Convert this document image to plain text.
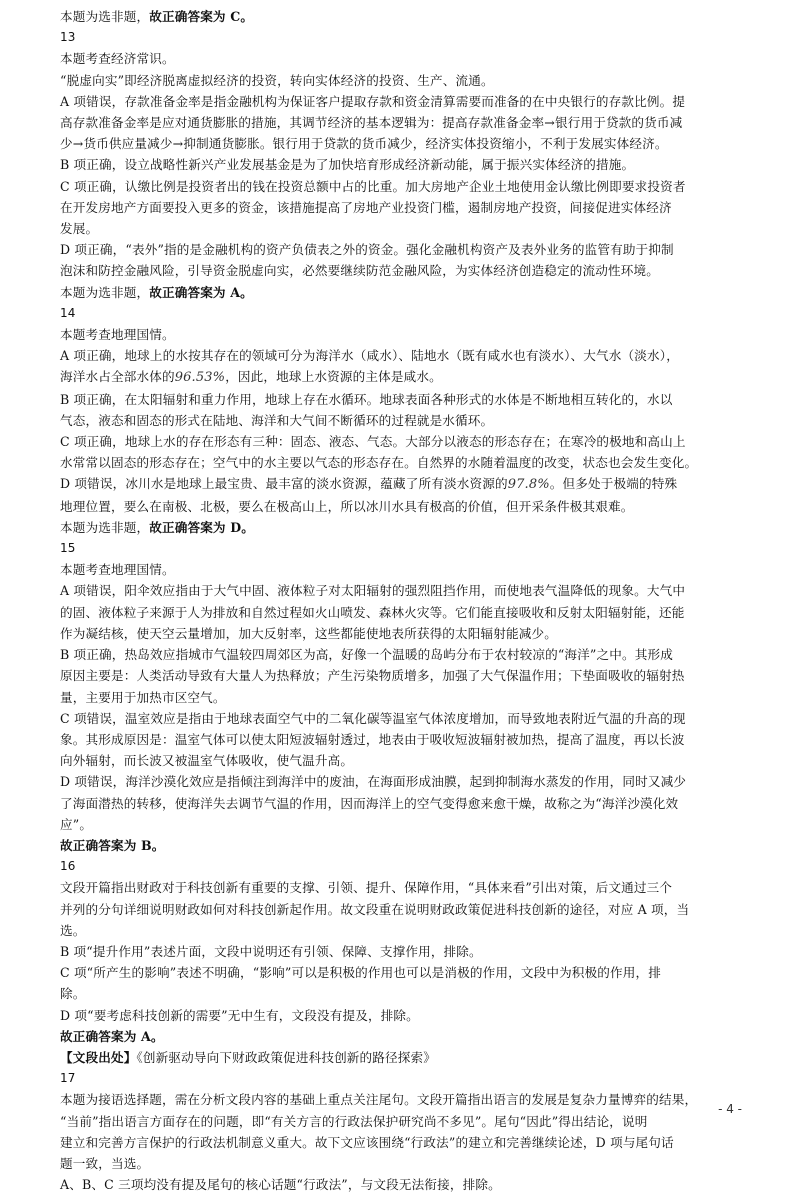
本题为选非题，故正确答案为 C。

13

本题考查经济常识。

“脱虚向实”即经济脱离虚拟经济的投资，转向实体经济的投资、生产、流通。

A 项错误，存款准备金率是指金融机构为保证客户提取存款和资金清算需要而准备的在中央银行的存款比例。提

高存款准备金率是应对通货膨胀的措施，其调节经济的基本逻辑为：提高存款准备金率→银行用于贷款的货币减

少→货币供应量减少→抑制通货膨胀。银行用于贷款的货币减少，经济实体投资缩小，不利于发展实体经济。

B 项正确，设立战略性新兴产业发展基金是为了加快培育形成经济新动能，属于振兴实体经济的措施。

C 项正确，认缴比例是投资者出的钱在投资总额中占的比重。加大房地产企业土地使用金认缴比例即要求投资者

在开发房地产方面要投入更多的资金，该措施提高了房地产业投资门槛，遏制房地产投资，间接促进实体经济

发展。

D 项正确，“表外”指的是金融机构的资产负债表之外的资金。强化金融机构资产及表外业务的监管有助于抑制

泡沫和防控金融风险，引导资金脱虚向实，必然要继续防范金融风险，为实体经济创造稳定的流动性环境。

本题为选非题，故正确答案为 A。

14

本题考查地理国情。

A 项正确，地球上的水按其存在的领域可分为海洋水（咸水）、陆地水（既有咸水也有淡水）、大气水（淡水），

海洋水占全部水体的96.53%，因此，地球上水资源的主体是咸水。

B 项正确，在太阳辐射和重力作用，地球上存在水循环。地球表面各种形式的水体是不断地相互转化的，水以

气态，液态和固态的形式在陆地、海洋和大气间不断循环的过程就是水循环。

C 项正确，地球上水的存在形态有三种：固态、液态、气态。大部分以液态的形态存在；在寒冷的极地和高山上

水常常以固态的形态存在；空气中的水主要以气态的形态存在。自然界的水随着温度的改变，状态也会发生变化。

D 项错误，冰川水是地球上最宝贵、最丰富的淡水资源，蕴藏了所有淡水资源的97.8%。但多处于极端的特殊

地理位置，要么在南极、北极，要么在极高山上，所以冰川水具有极高的价值，但开采条件极其艰难。

本题为选非题，故正确答案为 D。

15

本题考查地理国情。

A 项错误，阳伞效应指由于大气中固、液体粒子对太阳辐射的强烈阻挡作用，而使地表气温降低的现象。大气中

的固、液体粒子来源于人为排放和自然过程如火山喷发、森林火灾等。它们能直接吸收和反射太阳辐射能，还能

作为凝结核，使天空云量增加，加大反射率，这些都能使地表所获得的太阳辐射能减少。

B 项正确，热岛效应指城市气温较四周郊区为高，好像一个温暖的岛屿分布于农村较凉的“海洋”之中。其形成

原因主要是：人类活动导致有大量人为热释放；产生污染物质增多，加强了大气保温作用；下垫面吸收的辐射热

量，主要用于加热市区空气。

C 项错误，温室效应是指由于地球表面空气中的二氧化碳等温室气体浓度增加，而导致地表附近气温的升高的现

象。其形成原因是：温室气体可以使太阳短波辐射透过，地表由于吸收短波辐射被加热，提高了温度，再以长波

向外辐射，而长波又被温室气体吸收，使气温升高。

D 项错误，海洋沙漠化效应是指倾注到海洋中的废油，在海面形成油膜，起到抑制海水蒸发的作用，同时又减少

了海面潜热的转移，使海洋失去调节气温的作用，因而海洋上的空气变得愈来愈干燥，故称之为“海洋沙漠化效

应”。

故正确答案为 B。

16

文段开篇指出财政对于科技创新有重要的支撑、引领、提升、保障作用，“具体来看”引出对策，后文通过三个

并列的分句详细说明财政如何对科技创新起作用。故文段重在说明财政政策促进科技创新的途径，对应 A 项，当

选。

B 项“提升作用”表述片面，文段中说明还有引领、保障、支撑作用，排除。

C 项“所产生的影响”表述不明确，“影响”可以是积极的作用也可以是消极的作用，文段中为积极的作用，排

除。

D 项“要考虑科技创新的需要”无中生有，文段没有提及，排除。

故正确答案为 A。

【文段出处】《创新驱动导向下财政政策促进科技创新的路径探索》

17

本题为接语选择题，需在分析文段内容的基础上重点关注尾句。文段开篇指出语言的发展是复杂力量博弈的结果，

“当前”指出语言方面存在的问题，即“有关方言的行政法保护研究尚不多见”。尾句“因此”得出结论，说明

建立和完善方言保护的行政法机制意义重大。故下文应该围绕“行政法”的建立和完善继续论述，D 项与尾句话

题一致，当选。

A、B、C 三项均没有提及尾句的核心话题“行政法”，与文段无法衔接，排除。

- 4 -
